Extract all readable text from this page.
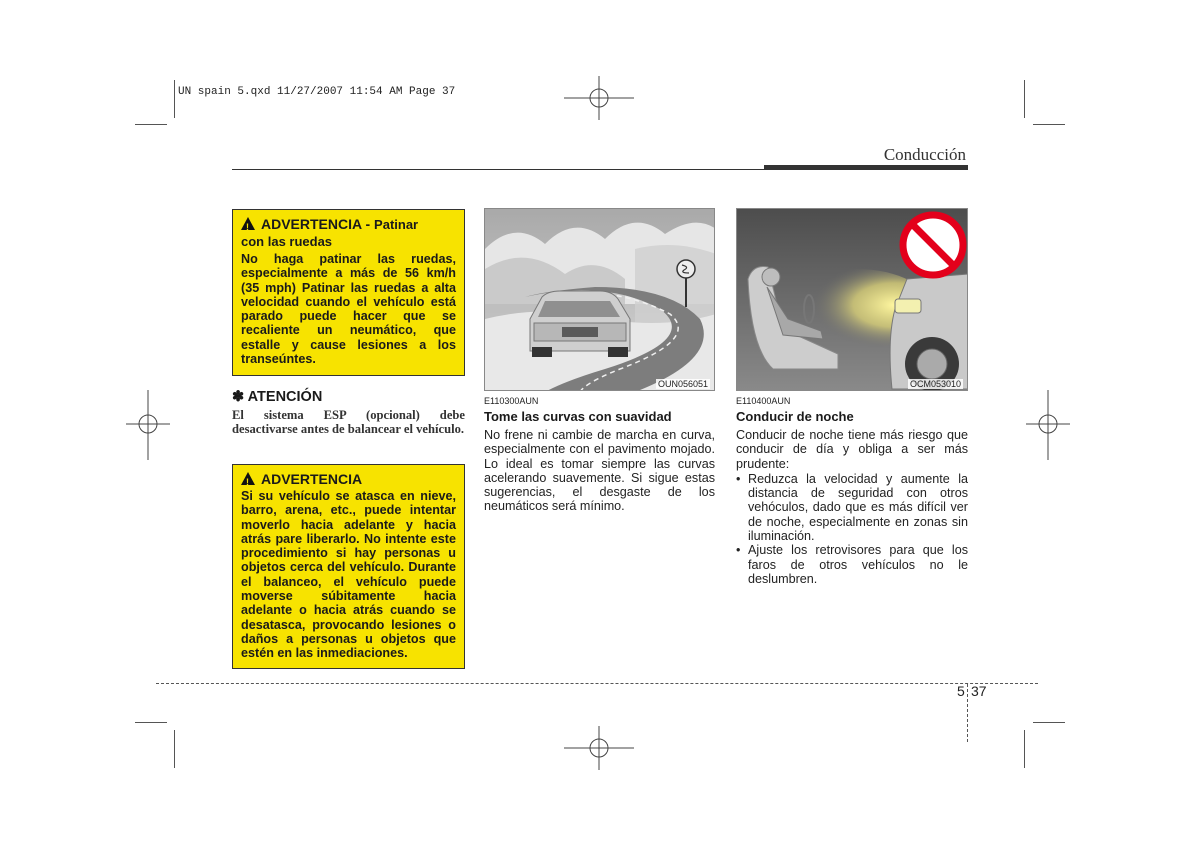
UN spain 5.qxd 11/27/2007 11:54 AM Page 37
Conducción
!ADVERTENCIA - Patinar
con las ruedas
No haga patinar las ruedas, especialmente a más de 56 km/h (35 mph) Patinar las ruedas a alta velocidad cuando el vehículo está parado puede hacer que se recaliente un neumático, que estalle y cause lesiones a los transeúntes.
✽ ATENCIÓN
El sistema ESP (opcional) debe desactivarse antes de balancear el vehículo.
!ADVERTENCIA
Si su vehículo se atasca en nieve, barro, arena, etc., puede intentar moverlo hacia adelante y hacia atrás pare liberarlo. No intente este procedimiento si hay personas u objetos cerca del vehículo. Durante el balanceo, el vehículo puede moverse súbitamente hacia adelante o hacia atrás cuando se desatasca, provocando lesiones o daños a personas u objetos que estén en las inmediaciones.
OUN056051
E110300AUN
Tome las curvas con suavidad
No frene ni cambie de marcha en curva, especialmente con el pavimento mojado. Lo ideal es tomar siempre las curvas acelerando suavemente. Si sigue estas sugerencias, el desgaste de los neumáticos será mínimo.
OCM053010
E110400AUN
Conducir de noche
Conducir de noche tiene más riesgo que conducir de día y obliga a ser más prudente:
• Reduzca la velocidad y aumente la distancia de seguridad con otros vehóculos, dado que es más difícil ver de noche, especialmente en zonas sin iluminación.
• Ajuste los retrovisores para que los faros de otros vehículos no le deslumbren.
5 37
